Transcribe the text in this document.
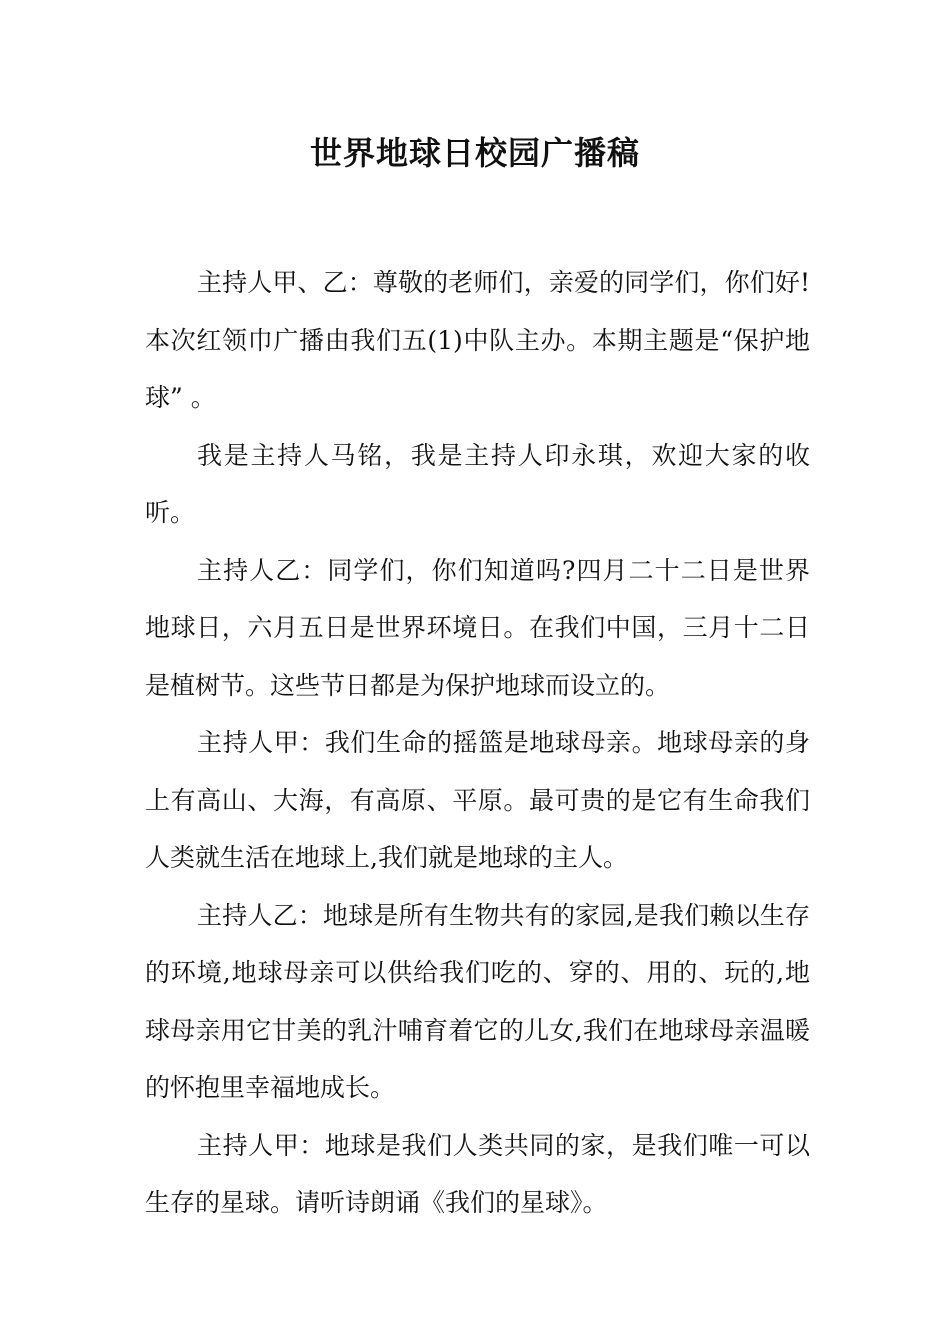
世界地球日校园广播稿

主持人甲、乙：尊敬的老师们，亲爱的同学们，你们好!本次红领巾广播由我们五(1)中队主办。本期主题是“保护地球” 。

我是主持人马铭，我是主持人印永琪，欢迎大家的收听。

主持人乙：同学们，你们知道吗?四月二十二日是世界地球日，六月五日是世界环境日。在我们中国，三月十二日是植树节。这些节日都是为保护地球而设立的。

主持人甲：我们生命的摇篮是地球母亲。地球母亲的身上有高山、大海，有高原、平原。最可贵的是它有生命我们人类就生活在地球上,我们就是地球的主人。

主持人乙：地球是所有生物共有的家园,是我们赖以生存的环境,地球母亲可以供给我们吃的、穿的、用的、玩的,地球母亲用它甘美的乳汁哺育着它的儿女,我们在地球母亲温暖的怀抱里幸福地成长。

主持人甲：地球是我们人类共同的家，是我们唯一可以生存的星球。请听诗朗诵《我们的星球》。
